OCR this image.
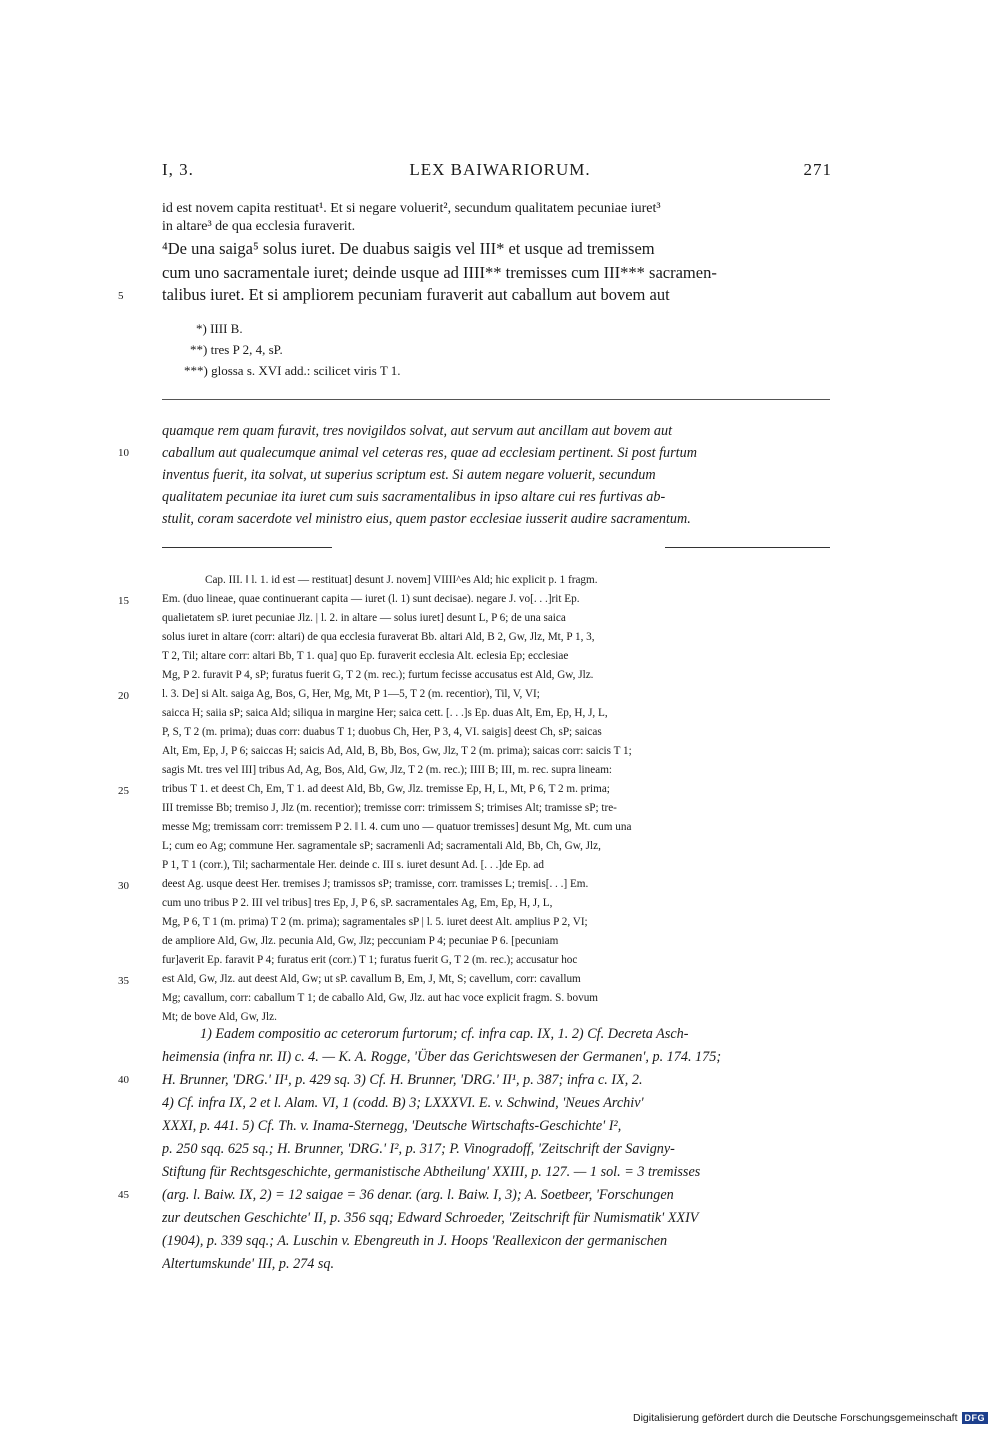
I, 3.	LEX BAIWARIORUM.	271
id est novem capita restituat¹. Et si negare voluerit², secundum qualitatem pecuniae iuret³
in altare³ de qua ecclesia furaverit.
⁴De una saiga⁵ solus iuret. De duabus saigis vel III* et usque ad tremissem
cum uno sacramentale iuret; deinde usque ad IIII** tremisses cum III*** sacramen-
talibus iuret. Et si ampliorem pecuniam furaverit aut caballum aut bovem aut
5
*) IIII B.
**) tres P 2, 4, sP.
***) glossa s. XVI add.: scilicet viris T 1.
quamque rem quam furavit, tres novigildos solvat, aut servum aut ancillam aut bovem aut
caballum aut qualecumque animal vel ceteras res, quae ad ecclesiam pertinent. Si post furtum
inventus fuerit, ita solvat, ut superius scriptum est. Si autem negare voluerit, secundum
qualitatem pecuniae ita iuret cum suis sacramentalibus in ipso altare cui res furtivas ab-
stulit, coram sacerdote vel ministro eius, quem pastor ecclesiae iusserit audire sacramentum.
10
Cap. III. ‖ l. 1. id est — restituat] desunt J. novem] VIIII^es Ald; hic explicit p. 1 fragm.
Em. (duo lineae, quae continuerant capita — iuret (l. 1) sunt decisae). negare J. vo[. . .]rit Ep.
qualietatem sP. iuret pecuniae Jlz. | l. 2. in altare — solus iuret] desunt L, P 6; de una saica
solus iuret in altare (corr: altari) de qua ecclesia furaverat Bb. altari Ald, B 2, Gw, Jlz, Mt, P 1, 3,
T 2, Til; altare corr: altari Bb, T 1. qua] quo Ep. furaverit ecclesia Alt. eclesia Ep; ecclesiae
Mg, P 2. furavit P 4, sP; furatus fuerit G, T 2 (m. rec.); furtum fecisse accusatus est Ald, Gw, Jlz.
l. 3. De] si Alt. saiga Ag, Bos, G, Her, Mg, Mt, P 1—5, T 2 (m. recentior), Til, V, VI;
saicca H; saiia sP; saica Ald; siliqua in margine Her; saica cett. [. . .]s Ep. duas Alt, Em, Ep, H, J, L,
P, S, T 2 (m. prima); duas corr: duabus T 1; duobus Ch, Her, P 3, 4, VI. saigis] deest Ch, sP; saicas
Alt, Em, Ep, J, P 6; saiccas H; saicis Ad, Ald, B, Bb, Bos, Gw, Jlz, T 2 (m. prima); saicas corr: saicis T 1;
sagis Mt. tres vel III] tribus Ad, Ag, Bos, Ald, Gw, Jlz, T 2 (m. rec.); IIII B; III, m. rec. supra lineam:
tribus T 1. et deest Ch, Em, T 1. ad deest Ald, Bb, Gw, Jlz. tremisse Ep, H, L, Mt, P 6, T 2 m. prima;
III tremisse Bb; tremiso J, Jlz (m. recentior); tremisse corr: trimissem S; trimises Alt; tramisse sP; tre-
messe Mg; tremissam corr: tremissem P 2. ‖ l. 4. cum uno — quatuor tremisses] desunt Mg, Mt. cum una
L; cum eo Ag; commune Her. sagramentale sP; sacramenli Ad; sacramentali Ald, Bb, Ch, Gw, Jlz,
P 1, T 1 (corr.), Til; sacharmentale Her. deinde c. III s. iuret desunt Ad. [. . .]de Ep. ad
deest Ag. usque deest Her. tremises J; tramissos sP; tramisse, corr. tramisses L; tremis[. . .] Em.
cum uno tribus P 2. III vel tribus] tres Ep, J, P 6, sP. sacramentales Ag, Em, Ep, H, J, L,
Mg, P 6, T 1 (m. prima) T 2 (m. prima); sagramentales sP | l. 5. iuret deest Alt. amplius P 2, VI;
de ampliore Ald, Gw, Jlz. pecunia Ald, Gw, Jlz; peccuniam P 4; pecuniae P 6. [pecuniam
fur]averit Ep. faravit P 4; furatus erit (corr.) T 1; furatus fuerit G, T 2 (m. rec.); accusatur hoc
est Ald, Gw, Jlz. aut deest Ald, Gw; ut sP. cavallum B, Em, J, Mt, S; cavellum, corr: cavallum
Mg; cavallum, corr: caballum T 1; de caballo Ald, Gw, Jlz. aut hac voce explicit fragm. S. bovum
Mt; de bove Ald, Gw, Jlz.
15
20
25
30
35
1) Eadem compositio ac ceterorum furtorum; cf. infra cap. IX, 1. 2) Cf. Decreta Asch-
heimensia (infra nr. II) c. 4. — K. A. Rogge, 'Über das Gerichtswesen der Germanen', p. 174. 175;
H. Brunner, 'DRG.' II¹, p. 429 sq. 3) Cf. H. Brunner, 'DRG.' II¹, p. 387; infra c. IX, 2.
4) Cf. infra IX, 2 et l. Alam. VI, 1 (codd. B) 3; LXXXVI. E. v. Schwind, 'Neues Archiv'
XXXI, p. 441. 5) Cf. Th. v. Inama-Sternegg, 'Deutsche Wirtschafts-Geschichte' I²,
p. 250 sqq. 625 sq.; H. Brunner, 'DRG.' I², p. 317; P. Vinogradoff, 'Zeitschrift der Savigny-
Stiftung für Rechtsgeschichte, germanistische Abtheilung' XXIII, p. 127. — 1 sol. = 3 tremisses
(arg. l. Baiw. IX, 2) = 12 saigae = 36 denar. (arg. l. Baiw. I, 3); A. Soetbeer, 'Forschungen
zur deutschen Geschichte' II, p. 356 sqq; Edward Schroeder, 'Zeitschrift für Numismatik' XXIV
(1904), p. 339 sqq.; A. Luschin v. Ebengreuth in J. Hoops 'Reallexicon der germanischen
Altertumskunde' III, p. 274 sq.
40
45
Digitalisierung gefördert durch die Deutsche Forschungsgemeinschaft DFG
